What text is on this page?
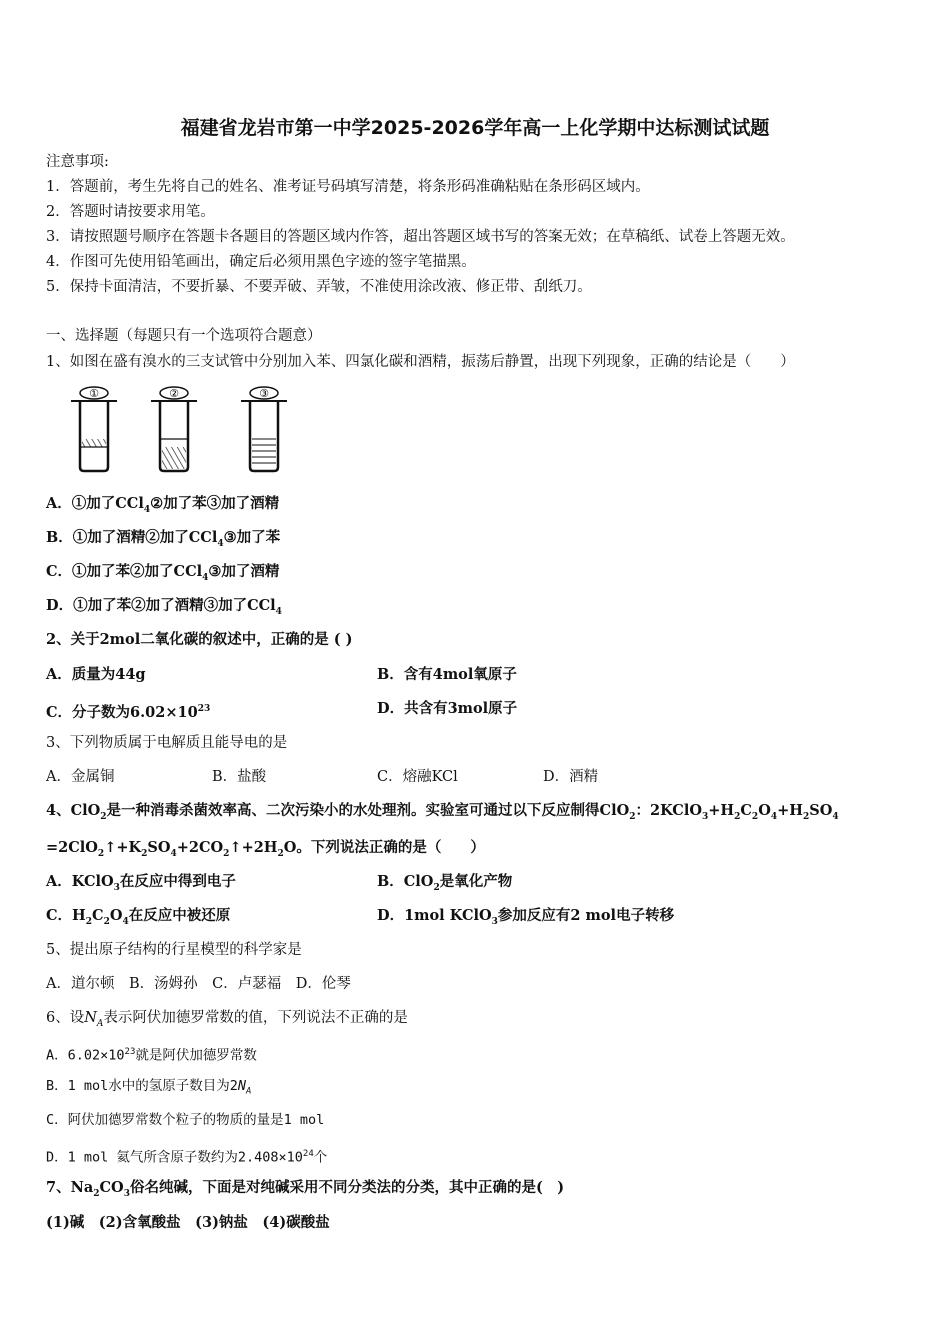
福建省龙岩市第一中学2025-2026学年高一上化学期中达标测试试题
注意事项:
1．答题前，考生先将自己的姓名、准考证号码填写清楚，将条形码准确粘贴在条形码区域内。
2．答题时请按要求用笔。
3．请按照题号顺序在答题卡各题目的答题区域内作答，超出答题区域书写的答案无效；在草稿纸、试卷上答题无效。
4．作图可先使用铅笔画出，确定后必须用黑色字迹的签字笔描黑。
5．保持卡面清洁，不要折暴、不要弄破、弄皱，不准使用涂改液、修正带、刮纸刀。
一、选择题（每题只有一个选项符合题意）
1、如图在盛有溴水的三支试管中分别加入苯、四氯化碳和酒精，振荡后静置，出现下列现象，正确的结论是（　　）
①	②	③
A．①加了CCl$_4$②加了苯③加了酒精
B．①加了酒精②加了CCl$_4$③加了苯
C．①加了苯②加了CCl$_4$③加了酒精
D．①加了苯②加了酒精③加了CCl$_4$
2、关于2mol二氧化碳的叙述中，正确的是 ( )
A．质量为44g	B．含有4mol氧原子
C．分子数为$6.02\times 10^{23}$	D．共含有3mol原子
3、下列物质属于电解质且能导电的是
A．金属铜	B．盐酸	C．熔融KCl	D．酒精
4、ClO$_2$是一种消毒杀菌效率高、二次污染小的水处理剂。实验室可通过以下反应制得ClO$_2$：$2KClO_3+H_2C_2O_4+H_2SO_4$
$=2ClO_2↑+K_2SO_4+2CO_2↑+2H_2O$。下列说法正确的是（　　）
A．KClO$_3$在反应中得到电子	B．ClO$_2$是氧化产物
C．$H_2C_2O_4$在反应中被还原	D．1mol KClO$_3$参加反应有2 mol电子转移
5、提出原子结构的行星模型的科学家是
A．道尔顿　B．汤姆孙　C．卢瑟福　D．伦琴
6、设$N_A$表示阿伏加德罗常数的值，下列说法不正确的是
A．$6.02\times 10^{23}$就是阿伏加德罗常数
B．1 mol水中的氢原子数目为$2N_A$
C．阿伏加德罗常数个粒子的物质的量是1 mol
D．1 mol 氦气所含原子数约为$2.408\times 10^{24}$个
7、$Na_2CO_3$俗名纯碱，下面是对纯碱采用不同分类法的分类，其中正确的是(　)
(1)碱　(2)含氧酸盐　(3)钠盐　(4)碳酸盐
